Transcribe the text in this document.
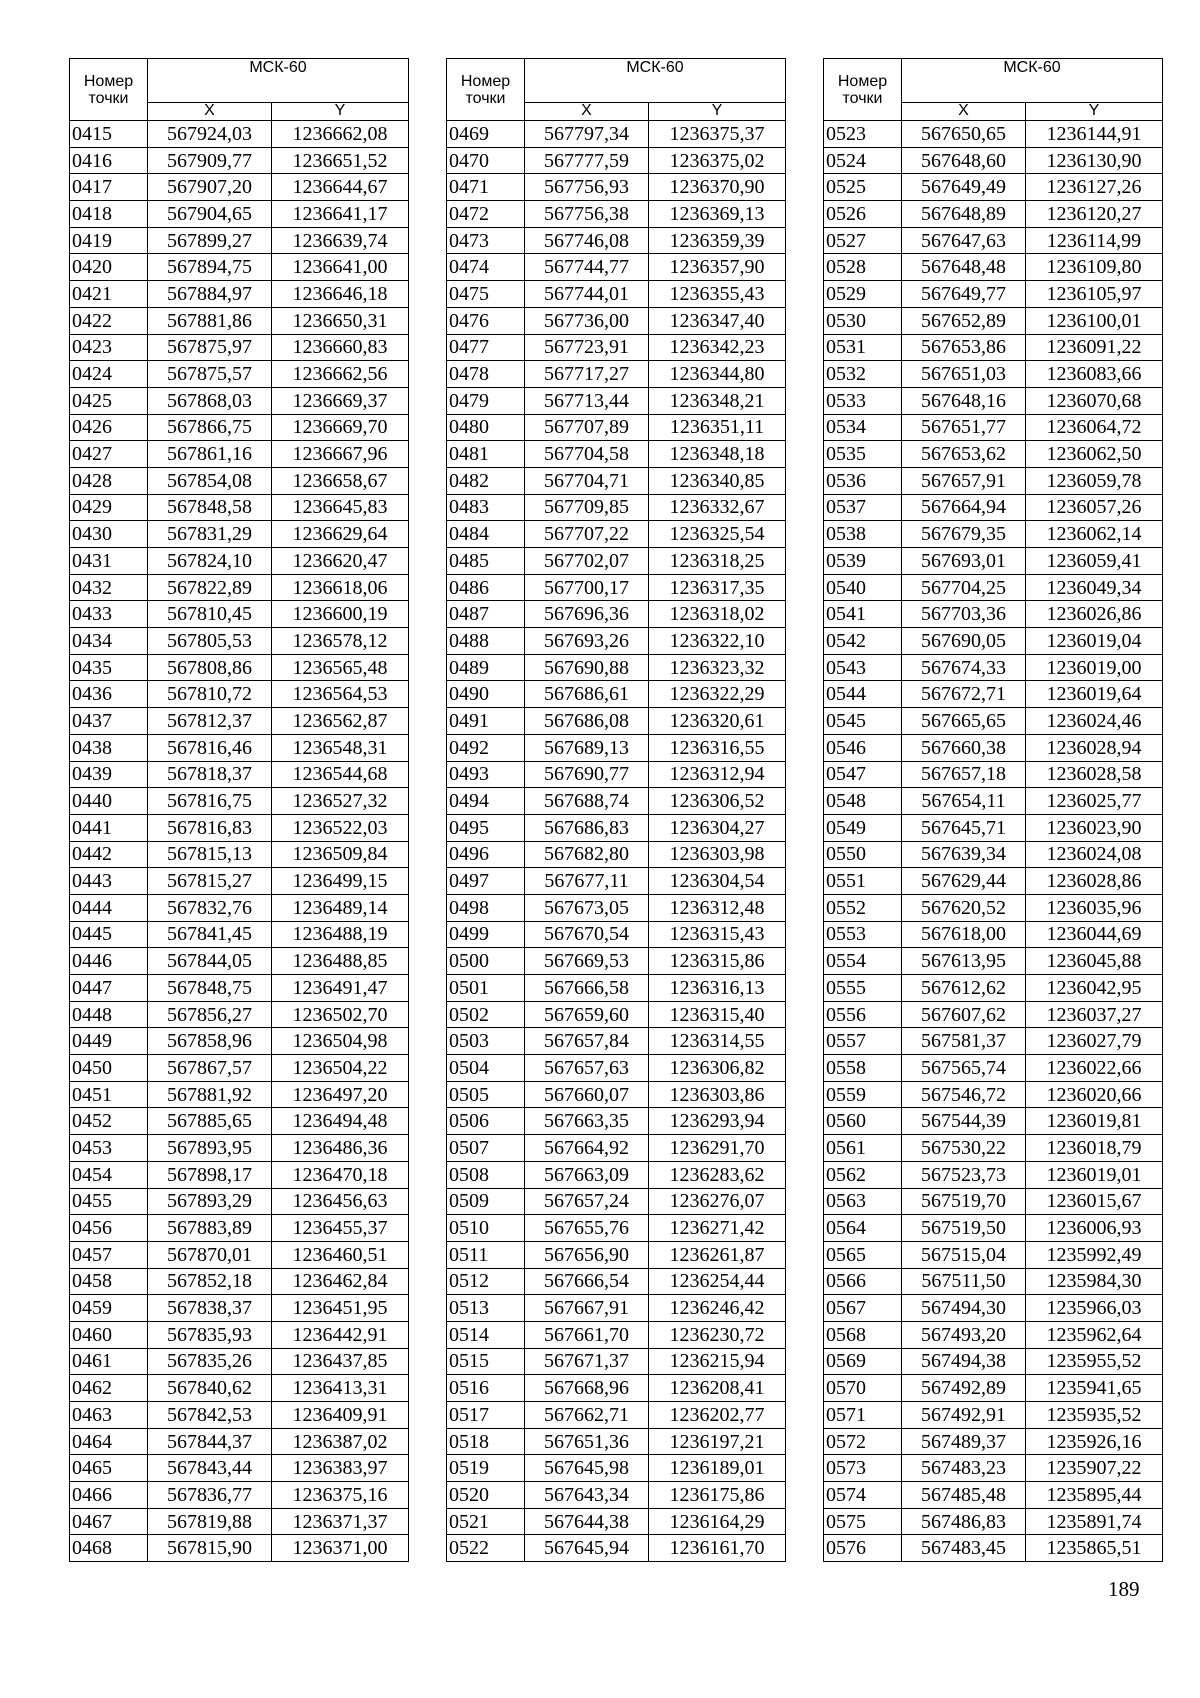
Номер
точки	МСК-60	
	X	Y
0415	567924,03	1236662,08
0416	567909,77	1236651,52
0417	567907,20	1236644,67
0418	567904,65	1236641,17
0419	567899,27	1236639,74
0420	567894,75	1236641,00
0421	567884,97	1236646,18
0422	567881,86	1236650,31
0423	567875,97	1236660,83
0424	567875,57	1236662,56
0425	567868,03	1236669,37
0426	567866,75	1236669,70
0427	567861,16	1236667,96
0428	567854,08	1236658,67
0429	567848,58	1236645,83
0430	567831,29	1236629,64
0431	567824,10	1236620,47
0432	567822,89	1236618,06
0433	567810,45	1236600,19
0434	567805,53	1236578,12
0435	567808,86	1236565,48
0436	567810,72	1236564,53
0437	567812,37	1236562,87
0438	567816,46	1236548,31
0439	567818,37	1236544,68
0440	567816,75	1236527,32
0441	567816,83	1236522,03
0442	567815,13	1236509,84
0443	567815,27	1236499,15
0444	567832,76	1236489,14
0445	567841,45	1236488,19
0446	567844,05	1236488,85
0447	567848,75	1236491,47
0448	567856,27	1236502,70
0449	567858,96	1236504,98
0450	567867,57	1236504,22
0451	567881,92	1236497,20
0452	567885,65	1236494,48
0453	567893,95	1236486,36
0454	567898,17	1236470,18
0455	567893,29	1236456,63
0456	567883,89	1236455,37
0457	567870,01	1236460,51
0458	567852,18	1236462,84
0459	567838,37	1236451,95
0460	567835,93	1236442,91
0461	567835,26	1236437,85
0462	567840,62	1236413,31
0463	567842,53	1236409,91
0464	567844,37	1236387,02
0465	567843,44	1236383,97
0466	567836,77	1236375,16
0467	567819,88	1236371,37
0468	567815,90	1236371,00
Номер
точки	МСК-60	
	X	Y
0469	567797,34	1236375,37
0470	567777,59	1236375,02
0471	567756,93	1236370,90
0472	567756,38	1236369,13
0473	567746,08	1236359,39
0474	567744,77	1236357,90
0475	567744,01	1236355,43
0476	567736,00	1236347,40
0477	567723,91	1236342,23
0478	567717,27	1236344,80
0479	567713,44	1236348,21
0480	567707,89	1236351,11
0481	567704,58	1236348,18
0482	567704,71	1236340,85
0483	567709,85	1236332,67
0484	567707,22	1236325,54
0485	567702,07	1236318,25
0486	567700,17	1236317,35
0487	567696,36	1236318,02
0488	567693,26	1236322,10
0489	567690,88	1236323,32
0490	567686,61	1236322,29
0491	567686,08	1236320,61
0492	567689,13	1236316,55
0493	567690,77	1236312,94
0494	567688,74	1236306,52
0495	567686,83	1236304,27
0496	567682,80	1236303,98
0497	567677,11	1236304,54
0498	567673,05	1236312,48
0499	567670,54	1236315,43
0500	567669,53	1236315,86
0501	567666,58	1236316,13
0502	567659,60	1236315,40
0503	567657,84	1236314,55
0504	567657,63	1236306,82
0505	567660,07	1236303,86
0506	567663,35	1236293,94
0507	567664,92	1236291,70
0508	567663,09	1236283,62
0509	567657,24	1236276,07
0510	567655,76	1236271,42
0511	567656,90	1236261,87
0512	567666,54	1236254,44
0513	567667,91	1236246,42
0514	567661,70	1236230,72
0515	567671,37	1236215,94
0516	567668,96	1236208,41
0517	567662,71	1236202,77
0518	567651,36	1236197,21
0519	567645,98	1236189,01
0520	567643,34	1236175,86
0521	567644,38	1236164,29
0522	567645,94	1236161,70
Номер
точки	МСК-60	
	X	Y
0523	567650,65	1236144,91
0524	567648,60	1236130,90
0525	567649,49	1236127,26
0526	567648,89	1236120,27
0527	567647,63	1236114,99
0528	567648,48	1236109,80
0529	567649,77	1236105,97
0530	567652,89	1236100,01
0531	567653,86	1236091,22
0532	567651,03	1236083,66
0533	567648,16	1236070,68
0534	567651,77	1236064,72
0535	567653,62	1236062,50
0536	567657,91	1236059,78
0537	567664,94	1236057,26
0538	567679,35	1236062,14
0539	567693,01	1236059,41
0540	567704,25	1236049,34
0541	567703,36	1236026,86
0542	567690,05	1236019,04
0543	567674,33	1236019,00
0544	567672,71	1236019,64
0545	567665,65	1236024,46
0546	567660,38	1236028,94
0547	567657,18	1236028,58
0548	567654,11	1236025,77
0549	567645,71	1236023,90
0550	567639,34	1236024,08
0551	567629,44	1236028,86
0552	567620,52	1236035,96
0553	567618,00	1236044,69
0554	567613,95	1236045,88
0555	567612,62	1236042,95
0556	567607,62	1236037,27
0557	567581,37	1236027,79
0558	567565,74	1236022,66
0559	567546,72	1236020,66
0560	567544,39	1236019,81
0561	567530,22	1236018,79
0562	567523,73	1236019,01
0563	567519,70	1236015,67
0564	567519,50	1236006,93
0565	567515,04	1235992,49
0566	567511,50	1235984,30
0567	567494,30	1235966,03
0568	567493,20	1235962,64
0569	567494,38	1235955,52
0570	567492,89	1235941,65
0571	567492,91	1235935,52
0572	567489,37	1235926,16
0573	567483,23	1235907,22
0574	567485,48	1235895,44
0575	567486,83	1235891,74
0576	567483,45	1235865,51
189
